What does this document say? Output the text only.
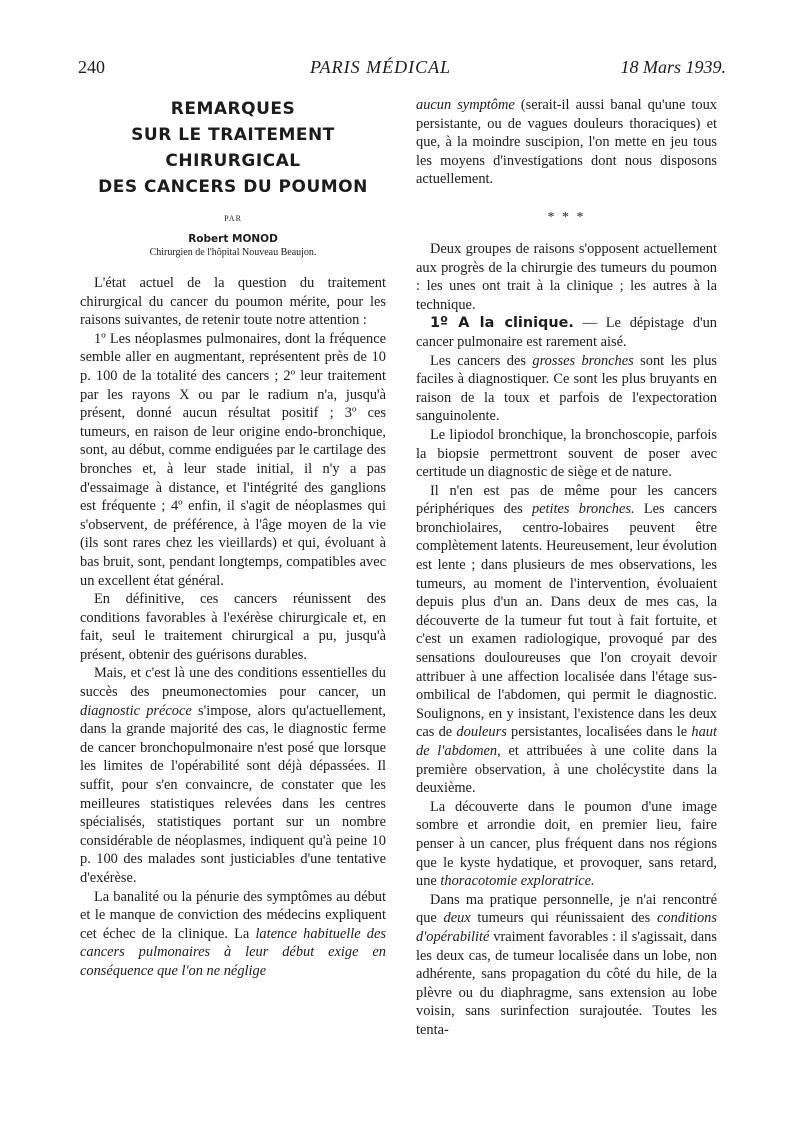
240	PARIS MÉDICAL	18 Mars 1939.
REMARQUES
SUR LE TRAITEMENT
CHIRURGICAL
DES CANCERS DU POUMON
PAR
Robert MONOD
Chirurgien de l'hôpital Nouveau Beaujon.

L'état actuel de la question du traitement chirurgical du cancer du poumon mérite, pour les raisons suivantes, de retenir toute notre attention :

1º Les néoplasmes pulmonaires, dont la fréquence semble aller en augmentant, représentent près de 10 p. 100 de la totalité des cancers ; 2º leur traitement par les rayons X ou par le radium n'a, jusqu'à présent, donné aucun résultat positif ; 3º ces tumeurs, en raison de leur origine endo-bronchique, sont, au début, comme endiguées par le cartilage des bronches et, à leur stade initial, il n'y a pas d'essaimage à distance, et l'intégrité des ganglions est fréquente ; 4º enfin, il s'agit de néoplasmes qui s'observent, de préférence, à l'âge moyen de la vie (ils sont rares chez les vieillards) et qui, évoluant à bas bruit, sont, pendant longtemps, compatibles avec un excellent état général.

En définitive, ces cancers réunissent des conditions favorables à l'exérèse chirurgicale et, en fait, seul le traitement chirurgical a pu, jusqu'à présent, obtenir des guérisons durables.

Mais, et c'est là une des conditions essentielles du succès des pneumonectomies pour cancer, un diagnostic précoce s'impose, alors qu'actuellement, dans la grande majorité des cas, le diagnostic ferme de cancer bronchopulmonaire n'est posé que lorsque les limites de l'opérabilité sont déjà dépassées. Il suffit, pour s'en convaincre, de constater que les meilleures statistiques relevées dans les centres spécialisés, statistiques portant sur un nombre considérable de néoplasmes, indiquent qu'à peine 10 p. 100 des malades sont justiciables d'une tentative d'exérèse.

La banalité ou la pénurie des symptômes au début et le manque de conviction des médecins expliquent cet échec de la clinique. La latence habituelle des cancers pulmonaires à leur début exige en conséquence que l'on ne néglige

aucun symptôme (serait-il aussi banal qu'une toux persistante, ou de vagues douleurs thoraciques) et que, à la moindre suscipion, l'on mette en jeu tous les moyens d'investigations dont nous disposons actuellement.

* * *

Deux groupes de raisons s'opposent actuellement aux progrès de la chirurgie des tumeurs du poumon : les unes ont trait à la clinique ; les autres à la technique.

1º A la clinique. — Le dépistage d'un cancer pulmonaire est rarement aisé.

Les cancers des grosses bronches sont les plus faciles à diagnostiquer. Ce sont les plus bruyants en raison de la toux et parfois de l'expectoration sanguinolente.

Le lipiodol bronchique, la bronchoscopie, parfois la biopsie permettront souvent de poser avec certitude un diagnostic de siège et de nature.

Il n'en est pas de même pour les cancers périphériques des petites bronches. Les cancers bronchiolaires, centro-lobaires peuvent être complètement latents. Heureusement, leur évolution est lente ; dans plusieurs de mes observations, les tumeurs, au moment de l'intervention, évoluaient depuis plus d'un an. Dans deux de mes cas, la découverte de la tumeur fut tout à fait fortuite, et c'est un examen radiologique, provoqué par des sensations douloureuses que l'on croyait devoir attribuer à une affection localisée dans l'étage sus-ombilical de l'abdomen, qui permit le diagnostic. Soulignons, en y insistant, l'existence dans les deux cas de douleurs persistantes, localisées dans le haut de l'abdomen, et attribuées à une colite dans la première observation, à une cholécystite dans la deuxième.

La découverte dans le poumon d'une image sombre et arrondie doit, en premier lieu, faire penser à un cancer, plus fréquent dans nos régions que le kyste hydatique, et provoquer, sans retard, une thoracotomie exploratrice.

Dans ma pratique personnelle, je n'ai rencontré que deux tumeurs qui réunissaient des conditions d'opérabilité vraiment favorables : il s'agissait, dans les deux cas, de tumeur localisée dans un lobe, non adhérente, sans propagation du côté du hile, de la plèvre ou du diaphragme, sans extension au lobe voisin, sans surinfection surajoutée. Toutes les tenta-
